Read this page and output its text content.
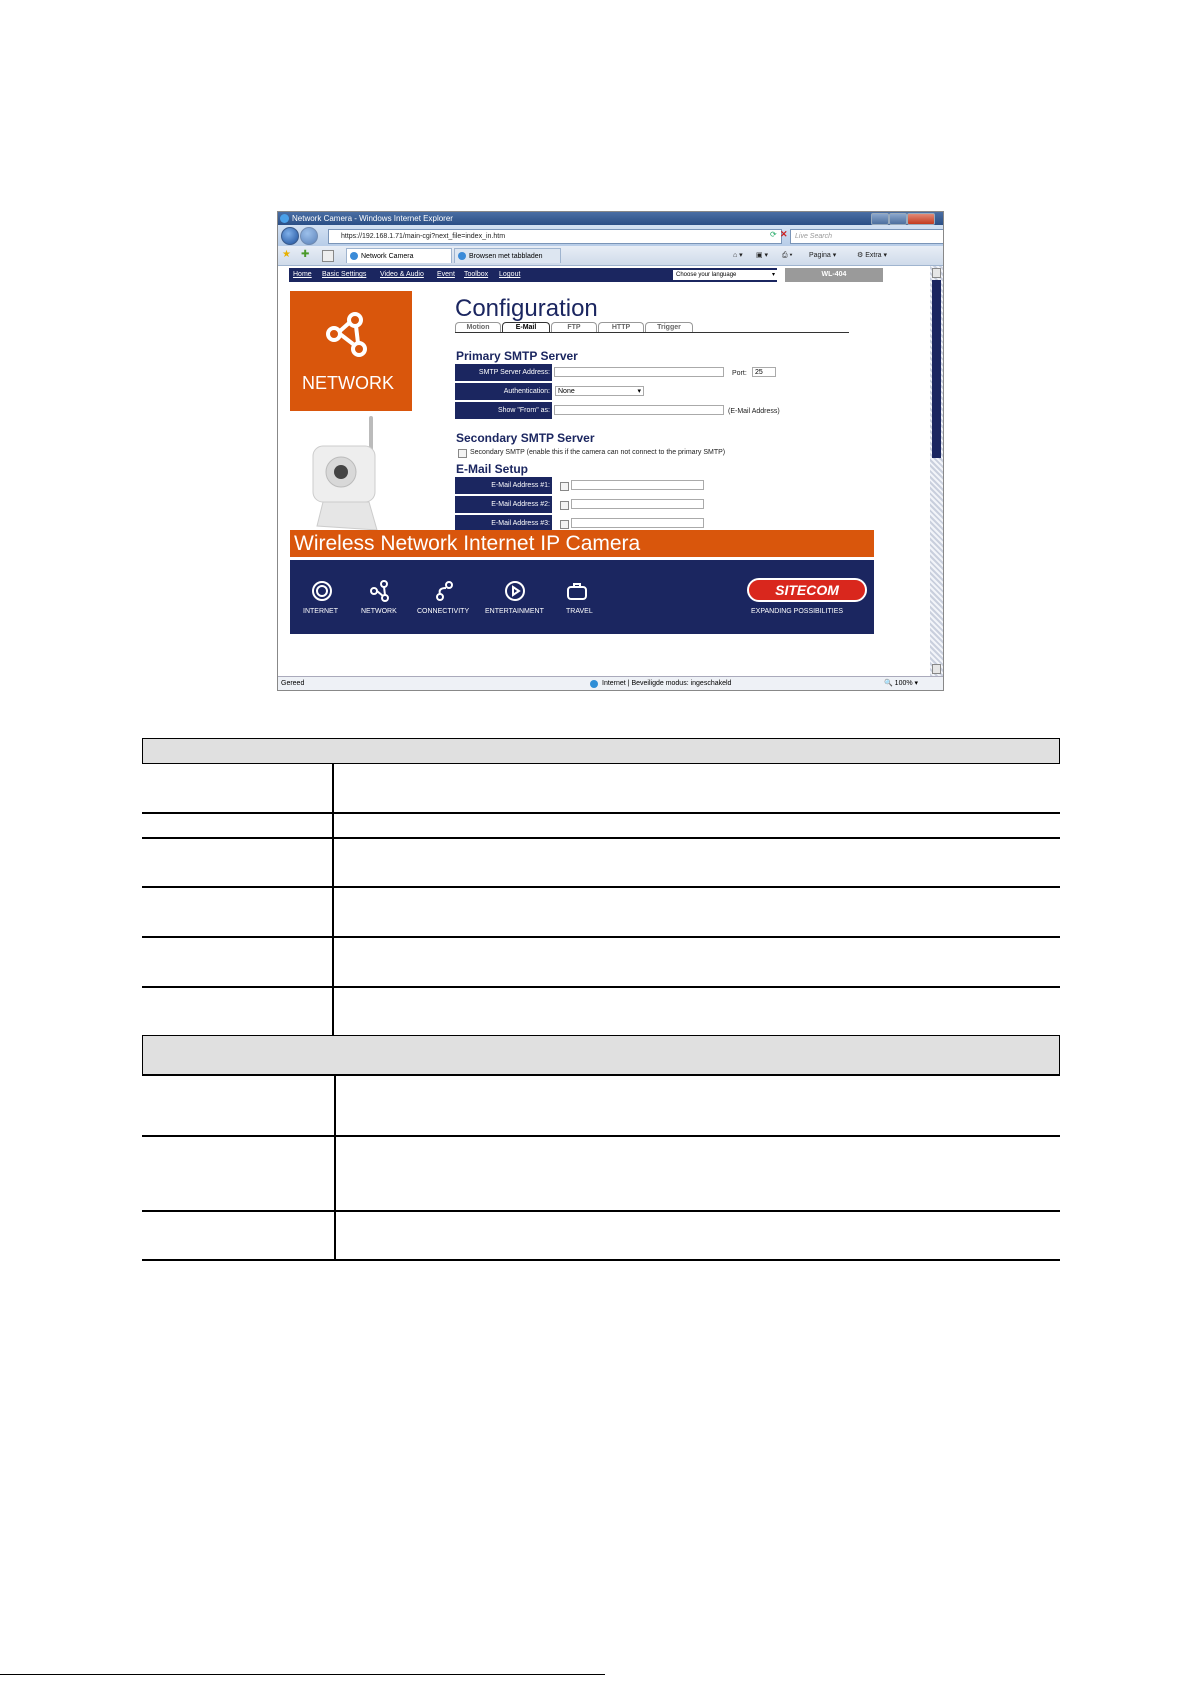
Network Camera - Windows Internet Explorer
https://192.168.1.71/main-cgi?next_file=index_in.htm	⟳ ✕	Live Search
★ ✚	Network Camera	Browsen met tabbladen	⌂ ▾ ▣ ▾ ⎙ ▾ Pagina ▾	⚙ Extra ▾
Home Basic Settings Video & Audio Event Toolbox Logout	Choose your language	▾	WL-404
NETWORK
Configuration
Motion	E-Mail	FTP	HTTP	Trigger
Primary SMTP Server
SMTP Server Address:	Port:	25
Authentication:	None	▾
Show "From" as:	(E-Mail Address)
Secondary SMTP Server
Secondary SMTP (enable this if the camera can not connect to the primary SMTP)
E-Mail Setup
E-Mail Address #1:
E-Mail Address #2:
E-Mail Address #3:
Wireless Network Internet IP Camera
INTERNET	NETWORK	CONNECTIVITY ENTERTAINMENT	TRAVEL
SITECOM
EXPANDING POSSIBILITIES
Gereed	Internet | Beveiligde modus: ingeschakeld	🔍 100% ▾
